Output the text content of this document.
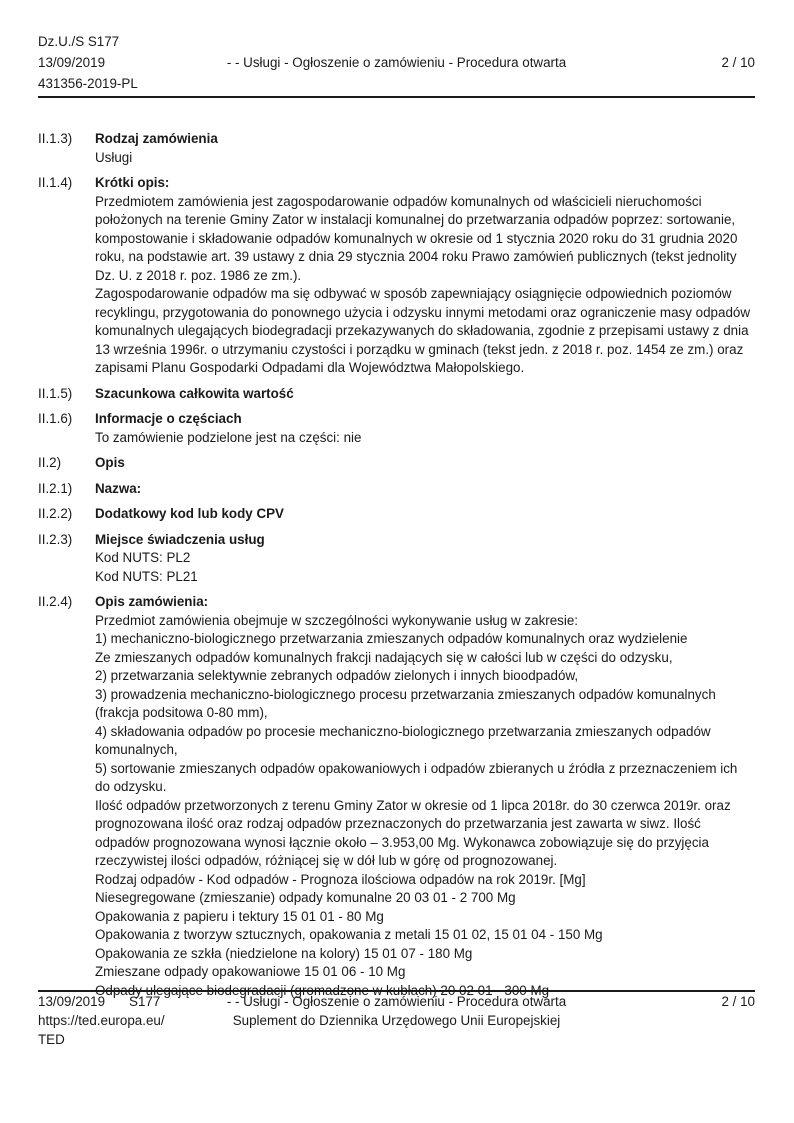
Dz.U./S S177
13/09/2019	- - Usługi - Ogłoszenie o zamówieniu - Procedura otwarta	2 / 10
431356-2019-PL
II.1.3)	Rodzaj zamówienia
Usługi
II.1.4)	Krótki opis:
Przedmiotem zamówienia jest zagospodarowanie odpadów komunalnych od właścicieli nieruchomości położonych na terenie Gminy Zator w instalacji komunalnej do przetwarzania odpadów poprzez: sortowanie, kompostowanie i składowanie odpadów komunalnych w okresie od 1 stycznia 2020 roku do 31 grudnia 2020 roku, na podstawie art. 39 ustawy z dnia 29 stycznia 2004 roku Prawo zamówień publicznych (tekst jednolity Dz. U. z 2018 r. poz. 1986 ze zm.).
Zagospodarowanie odpadów ma się odbywać w sposób zapewniający osiągnięcie odpowiednich poziomów recyklingu, przygotowania do ponownego użycia i odzysku innymi metodami oraz ograniczenie masy odpadów komunalnych ulegających biodegradacji przekazywanych do składowania, zgodnie z przepisami ustawy z dnia 13 września 1996r. o utrzymaniu czystości i porządku w gminach (tekst jedn. z 2018 r. poz. 1454 ze zm.) oraz zapisami Planu Gospodarki Odpadami dla Województwa Małopolskiego.
II.1.5)	Szacunkowa całkowita wartość
II.1.6)	Informacje o częściach
To zamówienie podzielone jest na części: nie
II.2)	Opis
II.2.1)	Nazwa:
II.2.2)	Dodatkowy kod lub kody CPV
II.2.3)	Miejsce świadczenia usług
Kod NUTS: PL2
Kod NUTS: PL21
II.2.4)	Opis zamówienia:
Przedmiot zamówienia obejmuje w szczególności wykonywanie usług w zakresie:
1) mechaniczno-biologicznego przetwarzania zmieszanych odpadów komunalnych oraz wydzielenie
Ze zmieszanych odpadów komunalnych frakcji nadających się w całości lub w części do odzysku,
2) przetwarzania selektywnie zebranych odpadów zielonych i innych bioodpadów,
3) prowadzenia mechaniczno-biologicznego procesu przetwarzania zmieszanych odpadów komunalnych (frakcja podsitowa 0-80 mm),
4) składowania odpadów po procesie mechaniczno-biologicznego przetwarzania zmieszanych odpadów komunalnych,
5) sortowanie zmieszanych odpadów opakowaniowych i odpadów zbieranych u źródła z przeznaczeniem ich do odzysku.
Ilość odpadów przetworzonych z terenu Gminy Zator w okresie od 1 lipca 2018r. do 30 czerwca 2019r. oraz prognozowana ilość oraz rodzaj odpadów przeznaczonych do przetwarzania jest zawarta w siwz. Ilość odpadów prognozowana wynosi łącznie około – 3.953,00 Mg. Wykonawca zobowiązuje się do przyjęcia rzeczywistej ilości odpadów, różniącej się w dół lub w górę od prognozowanej.
Rodzaj odpadów - Kod odpadów - Prognoza ilościowa odpadów na rok 2019r. [Mg]
Niesegregowane (zmieszanie) odpady komunalne 20 03 01 - 2 700 Mg
Opakowania z papieru i tektury 15 01 01 - 80 Mg
Opakowania z tworzyw sztucznych, opakowania z metali 15 01 02, 15 01 04 - 150 Mg
Opakowania ze szkła (niedzielone na kolory) 15 01 07 - 180 Mg
Zmieszane odpady opakowaniowe 15 01 06 - 10 Mg
Odpady ulegające biodegradacji (gromadzone w kubłach) 20 02 01 - 300 Mg
13/09/2019 S177	- - Usługi - Ogłoszenie o zamówieniu - Procedura otwarta	2 / 10
https://ted.europa.eu/	Suplement do Dziennika Urzędowego Unii Europejskiej
TED
